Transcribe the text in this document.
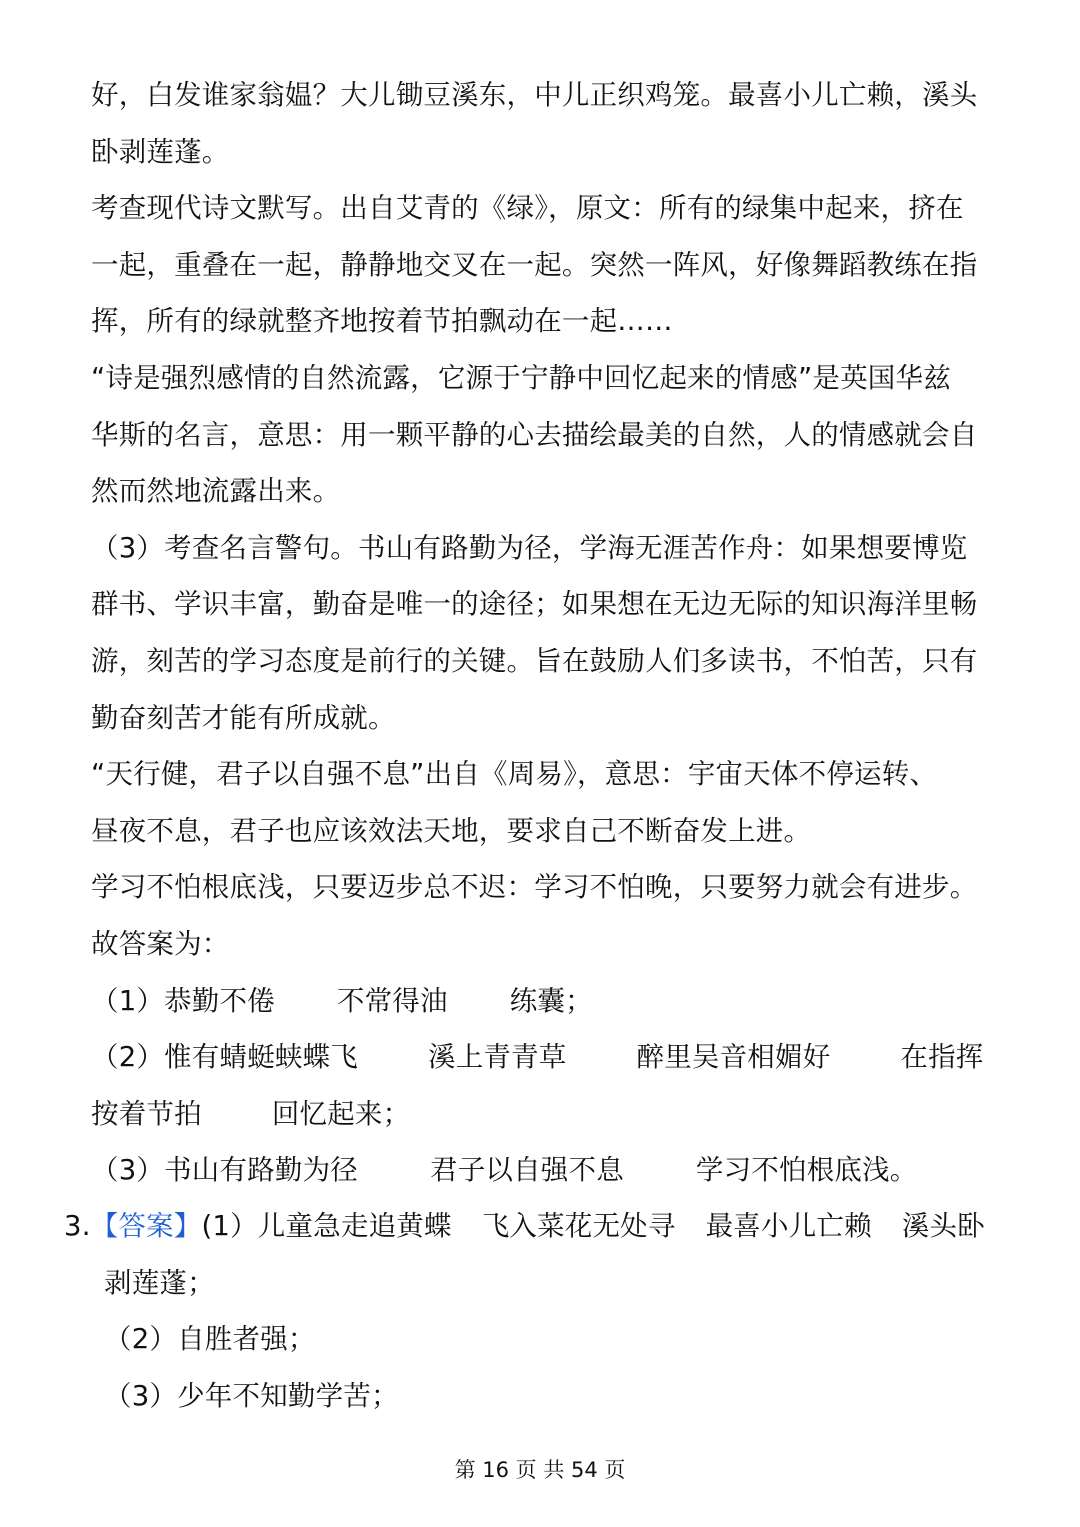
好，白发谁家翁媪？大儿锄豆溪东，中儿正织鸡笼。最喜小儿亡赖，溪头
卧剥莲蓬。
考查现代诗文默写。出自艾青的《绿》，原文：所有的绿集中起来，挤在
一起，重叠在一起，静静地交叉在一起。突然一阵风，好像舞蹈教练在指
挥，所有的绿就整齐地按着节拍飘动在一起……
“诗是强烈感情的自然流露，它源于宁静中回忆起来的情感”是英国华兹
华斯的名言，意思：用一颗平静的心去描绘最美的自然，人的情感就会自
然而然地流露出来。
（3）考查名言警句。书山有路勤为径，学海无涯苦作舟：如果想要博览
群书、学识丰富，勤奋是唯一的途径；如果想在无边无际的知识海洋里畅
游，刻苦的学习态度是前行的关键。旨在鼓励人们多读书，不怕苦，只有
勤奋刻苦才能有所成就。
“天行健，君子以自强不息”出自《周易》，意思：宇宙天体不停运转、
昼夜不息，君子也应该效法天地，要求自己不断奋发上进。
学习不怕根底浅，只要迈步总不迟：学习不怕晚，只要努力就会有进步。
故答案为：
（1）恭勤不倦 不常得油 练囊；
（2）惟有蜻蜓蛱蝶飞	溪上青青草	醉里吴音相媚好	在指挥
按着节拍	回忆起来；
（3）书山有路勤为径	君子以自强不息	学习不怕根底浅。
3.【答案】(1）儿童急走追黄蝶 飞入菜花无处寻 最喜小儿亡赖 溪头卧
剥莲蓬；
（2）自胜者强；
（3）少年不知勤学苦；
第 16 页 共 54 页
